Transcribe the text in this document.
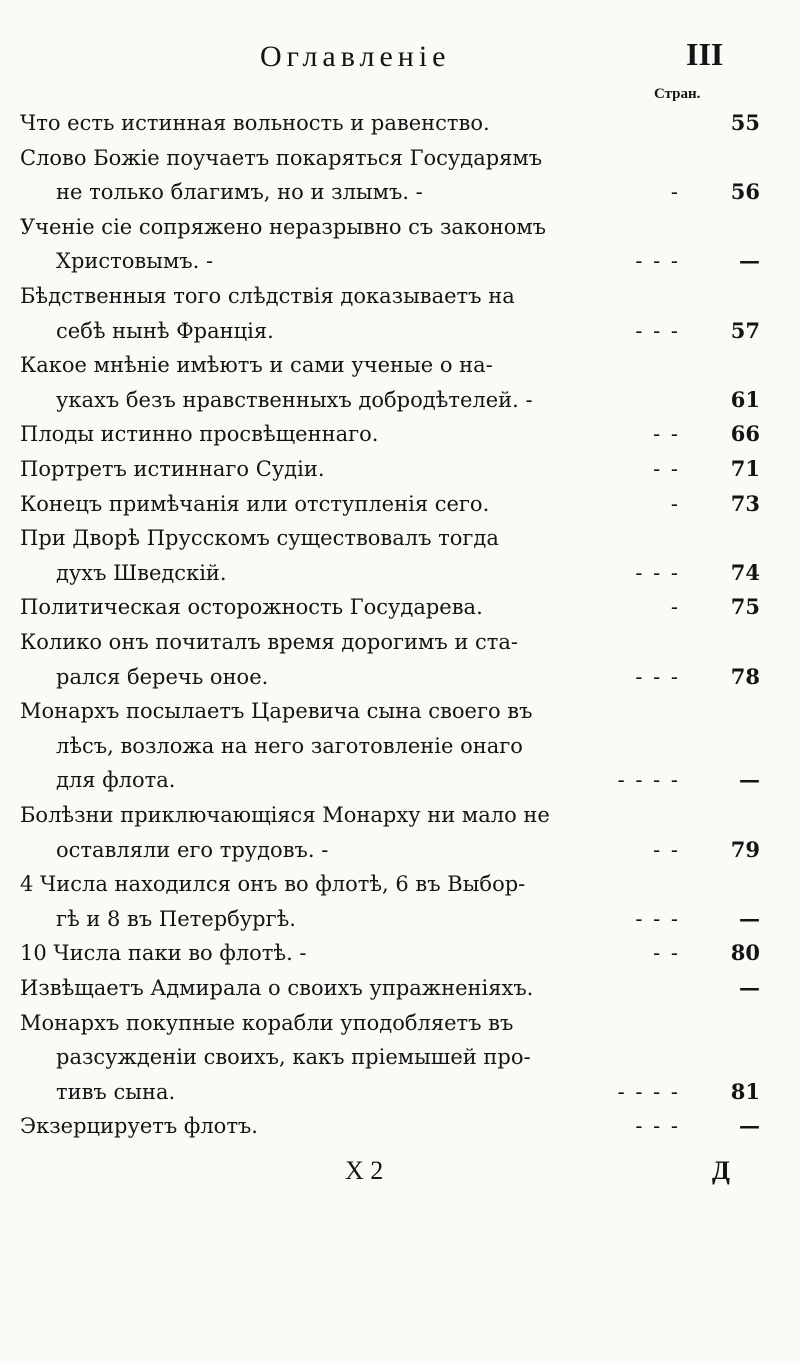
Оглавленіе	III
Стран.
Что есть истинная вольность и равенство.	55
Слово Божіе поучаетъ покаряться Государямъ
не только благимъ, но и злымъ. -	-	56
Ученіе сіе сопряжено неразрывно съ закономъ
Христовымъ. -	- - -	—
Бѣдственныя того слѣдствія доказываетъ на
себѣ нынѣ Франція.	- - -	57
Какое мнѣніе имѣютъ и сами ученые о на-
укахъ безъ нравственныхъ добродѣтелей. -	61
Плоды истинно просвѣщеннаго.	- -	66
Портретъ истиннаго Судіи.	- -	71
Конецъ примѣчанія или отступленія сего.	-	73
При Дворѣ Прусскомъ существовалъ тогда
духъ Шведскій.	- - -	74
Политическая осторожность Государева.	-	75
Колико онъ почиталъ время дорогимъ и ста-
рался беречь оное.	- - -	78
Монархъ посылаетъ Царевича сына своего въ
лѣсъ, возложа на него заготовленіе онаго
для флота.	- - - -	—
Болѣзни приключающіяся Монарху ни мало не
оставляли его трудовъ. -	- -	79
4 Числа находился онъ во флотѣ, 6 въ Выбор-
гѣ и 8 въ Петербургѣ.	- - -	—
10 Числа паки во флотѣ. -	- -	80
Извѣщаетъ Адмирала о своихъ упражненіяхъ.	—
Монархъ покупные корабли уподобляетъ въ
разсужденіи своихъ, какъ пріемышей про-
тивъ сына.	- - - -	81
Экзерцируетъ флотъ.	- - -	—
Х 2	Д
